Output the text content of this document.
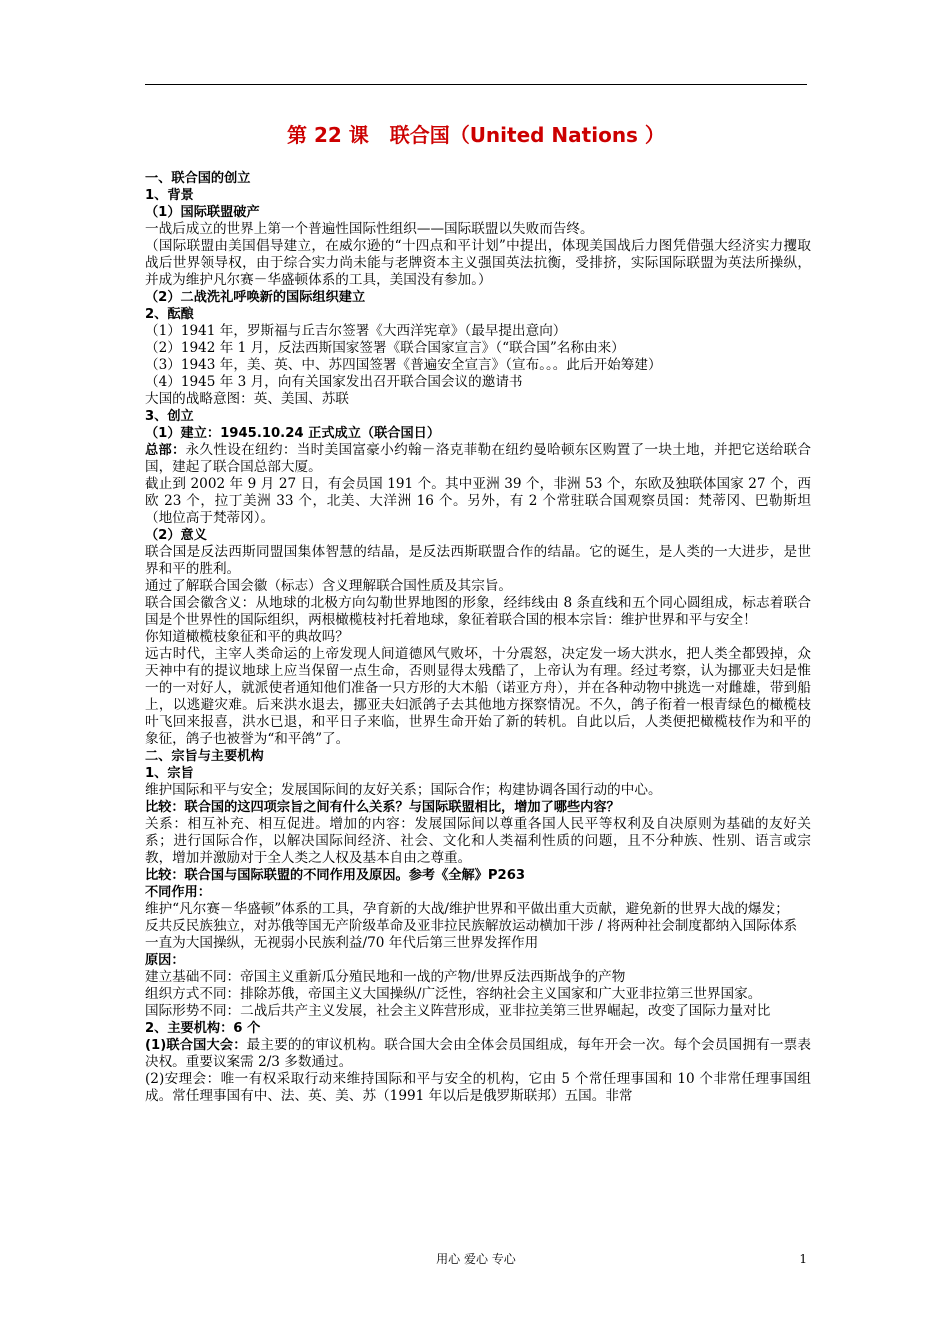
第 22 课   联合国（United Nations ）

一、联合国的创立

1、背景

（1）国际联盟破产

一战后成立的世界上第一个普遍性国际性组织——国际联盟以失败而告终。

（国际联盟由美国倡导建立，在威尔逊的“十四点和平计划”中提出，体现美国战后力图凭借强大经济实力攫取战后世界领导权，由于综合实力尚未能与老牌资本主义强国英法抗衡，受排挤，实际国际联盟为英法所操纵，并成为维护凡尔赛－华盛顿体系的工具，美国没有参加。）

（2）二战洗礼呼唤新的国际组织建立

2、酝酿

（1）1941 年，罗斯福与丘吉尔签署《大西洋宪章》（最早提出意向）

（2）1942 年 1 月，反法西斯国家签署《联合国家宣言》（“联合国”名称由来）

（3）1943 年，美、英、中、苏四国签署《普遍安全宣言》（宣布。。。此后开始筹建）

（4）1945 年 3 月，向有关国家发出召开联合国会议的邀请书

大国的战略意图：英、美国、苏联

3、创立

（1）建立：1945.10.24 正式成立（联合国日）

总部：永久性设在纽约：当时美国富豪小约翰－洛克菲勒在纽约曼哈顿东区购置了一块土地，并把它送给联合国，建起了联合国总部大厦。

截止到 2002 年 9 月 27 日，有会员国 191 个。其中亚洲 39 个，非洲 53 个，东欧及独联体国家 27 个，西欧 23 个，拉丁美洲 33 个，北美、大洋洲 16 个。另外，有 2 个常驻联合国观察员国：梵蒂冈、巴勒斯坦（地位高于梵蒂冈）。

（2）意义

联合国是反法西斯同盟国集体智慧的结晶，是反法西斯联盟合作的结晶。它的诞生，是人类的一大进步，是世界和平的胜利。

通过了解联合国会徽（标志）含义理解联合国性质及其宗旨。

联合国会徽含义：从地球的北极方向勾勒世界地图的形象，经纬线由 8 条直线和五个同心圆组成，标志着联合国是个世界性的国际组织，两根橄榄枝衬托着地球，象征着联合国的根本宗旨：维护世界和平与安全！

你知道橄榄枝象征和平的典故吗？

远古时代，主宰人类命运的上帝发现人间道德风气败坏，十分震怒，决定发一场大洪水，把人类全都毁掉，众天神中有的提议地球上应当保留一点生命，否则显得太残酷了，上帝认为有理。经过考察，认为挪亚夫妇是惟一的一对好人，就派使者通知他们准备一只方形的大木船（诺亚方舟），并在各种动物中挑选一对雌雄，带到船上，以逃避灾难。后来洪水退去，挪亚夫妇派鸽子去其他地方探察情况。不久，鸽子衔着一根青绿色的橄榄枝叶飞回来报喜，洪水已退，和平日子来临，世界生命开始了新的转机。自此以后，人类便把橄榄枝作为和平的象征，鸽子也被誉为“和平鸽”了。

二、宗旨与主要机构

1、宗旨

维护国际和平与安全；发展国际间的友好关系；国际合作；构建协调各国行动的中心。

比较：联合国的这四项宗旨之间有什么关系？与国际联盟相比，增加了哪些内容？

关系：相互补充、相互促进。增加的内容：发展国际间以尊重各国人民平等权利及自决原则为基础的友好关系；进行国际合作，以解决国际间经济、社会、文化和人类福利性质的问题，且不分种族、性别、语言或宗教，增加并激励对于全人类之人权及基本自由之尊重。

比较：联合国与国际联盟的不同作用及原因。参考《全解》P263

不同作用：

维护“凡尔赛－华盛顿”体系的工具，孕育新的大战/维护世界和平做出重大贡献，避免新的世界大战的爆发；

反共反民族独立，对苏俄等国无产阶级革命及亚非拉民族解放运动横加干涉 / 将两种社会制度都纳入国际体系

一直为大国操纵，无视弱小民族利益/70 年代后第三世界发挥作用

原因：

建立基础不同：帝国主义重新瓜分殖民地和一战的产物/世界反法西斯战争的产物

组织方式不同：排除苏俄，帝国主义大国操纵/广泛性，容纳社会主义国家和广大亚非拉第三世界国家。

国际形势不同：二战后共产主义发展，社会主义阵营形成，亚非拉美第三世界崛起，改变了国际力量对比

2、主要机构：6 个

(1)联合国大会：最主要的的审议机构。联合国大会由全体会员国组成，每年开会一次。每个会员国拥有一票表决权。重要议案需 2/3 多数通过。

(2)安理会：唯一有权采取行动来维持国际和平与安全的机构，它由 5 个常任理事国和 10 个非常任理事国组成。常任理事国有中、法、英、美、苏（1991 年以后是俄罗斯联邦）五国。非常

用心 爱心 专心	1
